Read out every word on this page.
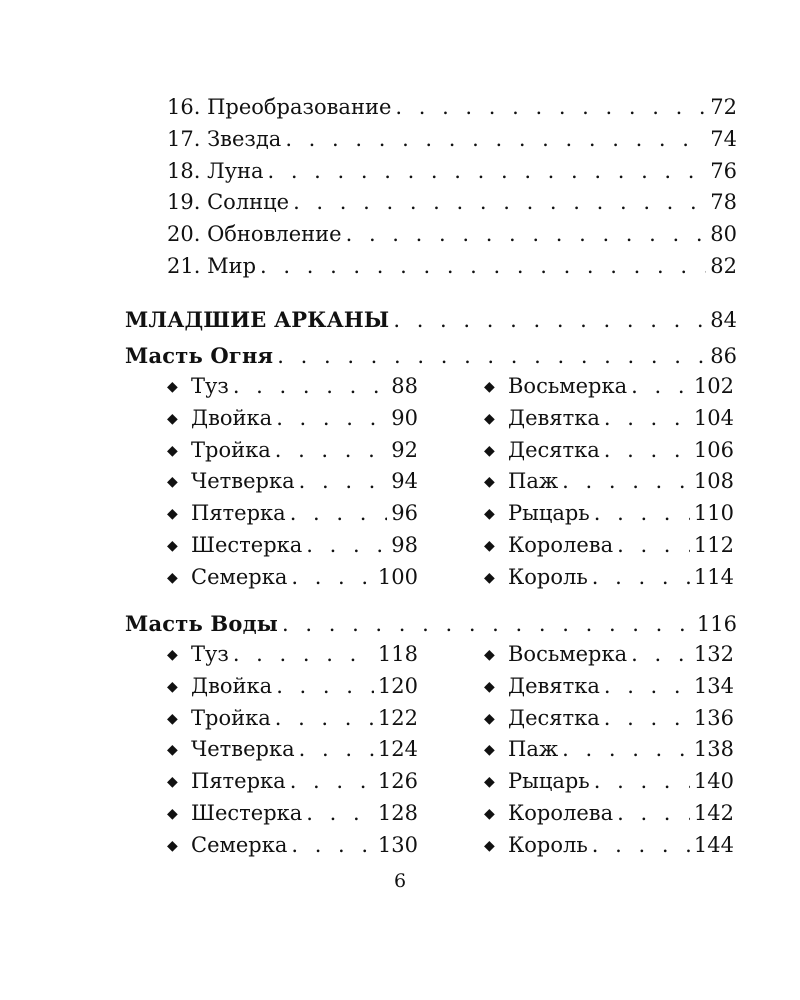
16. Преобразование . . .	72
17. Звезда . . .	74
18. Луна . . .	76
19. Солнце . . .	78
20. Обновление . . .	80
21. Мир . . .	82
МЛАДШИЕ АРКАНЫ . . .	84
Масть Огня . . .	86
◆ Туз . . .	88
◆ Двойка . . .	90
◆ Тройка . . .	92
◆ Четверка . . .	94
◆ Пятерка . . .	96
◆ Шестерка . . .	98
◆ Семерка . . .	100
◆ Восьмерка . . .	102
◆ Девятка . . .	104
◆ Десятка . . .	106
◆ Паж . . .	108
◆ Рыцарь . . .	110
◆ Королева . . .	112
◆ Король . . .	114
Масть Воды . . .	116
◆ Туз . . .	118
◆ Двойка . . .	120
◆ Тройка . . .	122
◆ Четверка . . .	124
◆ Пятерка . . .	126
◆ Шестерка . . .	128
◆ Семерка . . .	130
◆ Восьмерка . . .	132
◆ Девятка . . .	134
◆ Десятка . . .	136
◆ Паж . . .	138
◆ Рыцарь . . .	140
◆ Королева . . .	142
◆ Король . . .	144
6
